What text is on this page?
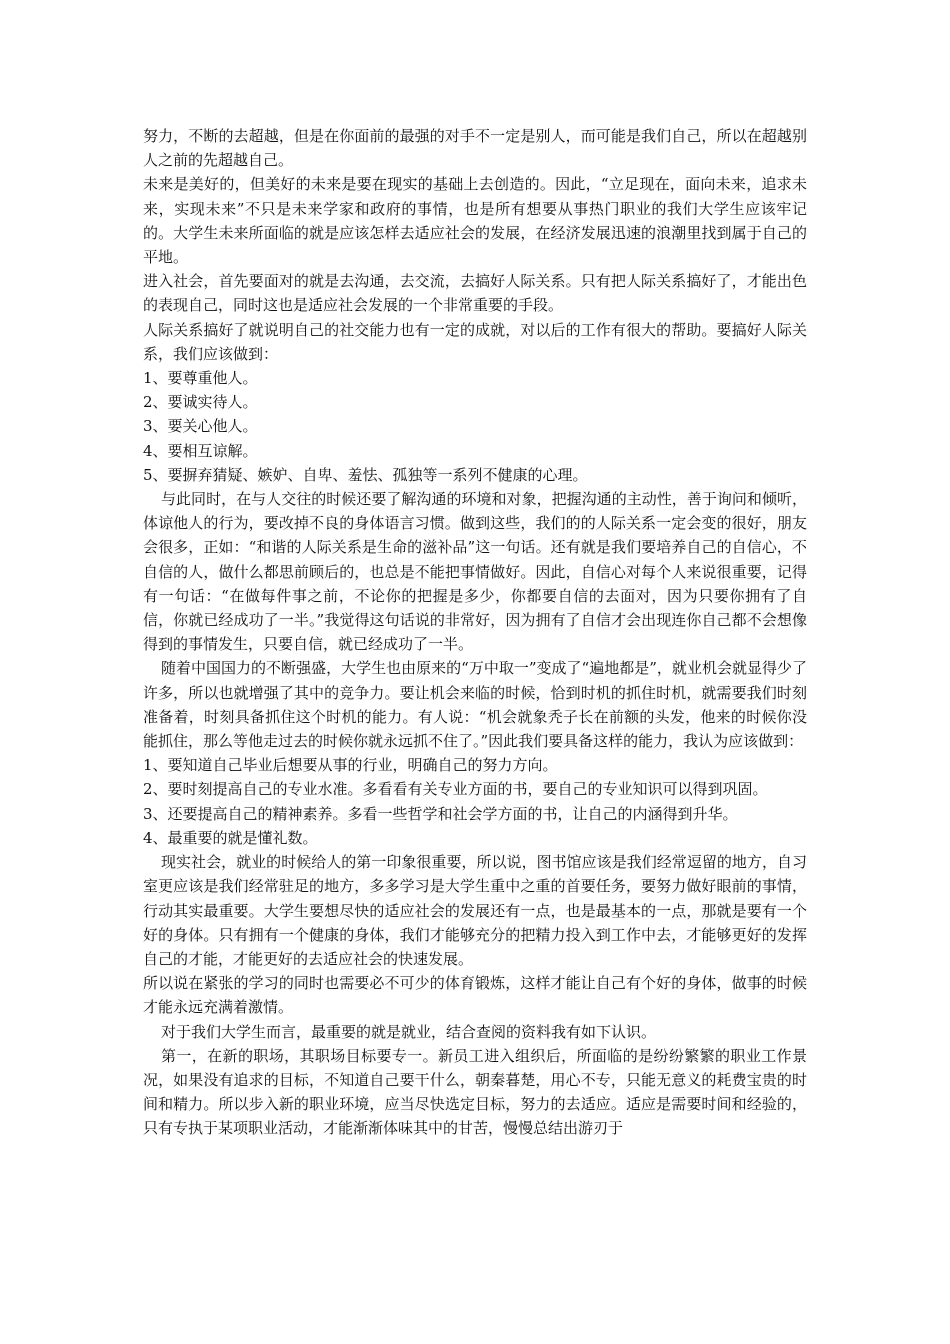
努力，不断的去超越，但是在你面前的最强的对手不一定是别人，而可能是我们自己，所以在超越别人之前的先超越自己。

未来是美好的，但美好的未来是要在现实的基础上去创造的。因此，“立足现在，面向未来，追求未来，实现未来”不只是未来学家和政府的事情，也是所有想要从事热门职业的我们大学生应该牢记的。大学生未来所面临的就是应该怎样去适应社会的发展，在经济发展迅速的浪潮里找到属于自己的平地。

进入社会，首先要面对的就是去沟通，去交流，去搞好人际关系。只有把人际关系搞好了，才能出色的表现自己，同时这也是适应社会发展的一个非常重要的手段。

人际关系搞好了就说明自己的社交能力也有一定的成就，对以后的工作有很大的帮助。要搞好人际关系，我们应该做到：

1、要尊重他人。

2、要诚实待人。

3、要关心他人。

4、要相互谅解。

5、要摒弃猜疑、嫉妒、自卑、羞怯、孤独等一系列不健康的心理。

与此同时，在与人交往的时候还要了解沟通的环境和对象，把握沟通的主动性，善于询问和倾听，体谅他人的行为，要改掉不良的身体语言习惯。做到这些，我们的的人际关系一定会变的很好，朋友会很多，正如：“和谐的人际关系是生命的滋补品”这一句话。还有就是我们要培养自己的自信心，不自信的人，做什么都思前顾后的，也总是不能把事情做好。因此，自信心对每个人来说很重要，记得有一句话：“在做每件事之前，不论你的把握是多少，你都要自信的去面对，因为只要你拥有了自信，你就已经成功了一半。”我觉得这句话说的非常好，因为拥有了自信才会出现连你自己都不会想像得到的事情发生，只要自信，就已经成功了一半。

随着中国国力的不断强盛，大学生也由原来的“万中取一”变成了“遍地都是”，就业机会就显得少了许多，所以也就增强了其中的竞争力。要让机会来临的时候，恰到时机的抓住时机，就需要我们时刻准备着，时刻具备抓住这个时机的能力。有人说：“机会就象秃子长在前额的头发，他来的时候你没能抓住，那么等他走过去的时候你就永远抓不住了。”因此我们要具备这样的能力，我认为应该做到：

1、要知道自己毕业后想要从事的行业，明确自己的努力方向。

2、要时刻提高自己的专业水准。多看看有关专业方面的书，要自己的专业知识可以得到巩固。

3、还要提高自己的精神素养。多看一些哲学和社会学方面的书，让自己的内涵得到升华。

4、最重要的就是懂礼数。

现实社会，就业的时候给人的第一印象很重要，所以说，图书馆应该是我们经常逗留的地方，自习室更应该是我们经常驻足的地方，多多学习是大学生重中之重的首要任务，要努力做好眼前的事情，行动其实最重要。大学生要想尽快的适应社会的发展还有一点，也是最基本的一点，那就是要有一个好的身体。只有拥有一个健康的身体，我们才能够充分的把精力投入到工作中去，才能够更好的发挥自己的才能，才能更好的去适应社会的快速发展。

所以说在紧张的学习的同时也需要必不可少的体育锻炼，这样才能让自己有个好的身体，做事的时候才能永远充满着激情。

对于我们大学生而言，最重要的就是就业，结合查阅的资料我有如下认识。

第一，在新的职场，其职场目标要专一。新员工进入组织后，所面临的是纷纷繁繁的职业工作景况，如果没有追求的目标，不知道自己要干什么，朝秦暮楚，用心不专，只能无意义的耗费宝贵的时间和精力。所以步入新的职业环境，应当尽快选定目标，努力的去适应。适应是需要时间和经验的，只有专执于某项职业活动，才能渐渐体味其中的甘苦，慢慢总结出游刃于
